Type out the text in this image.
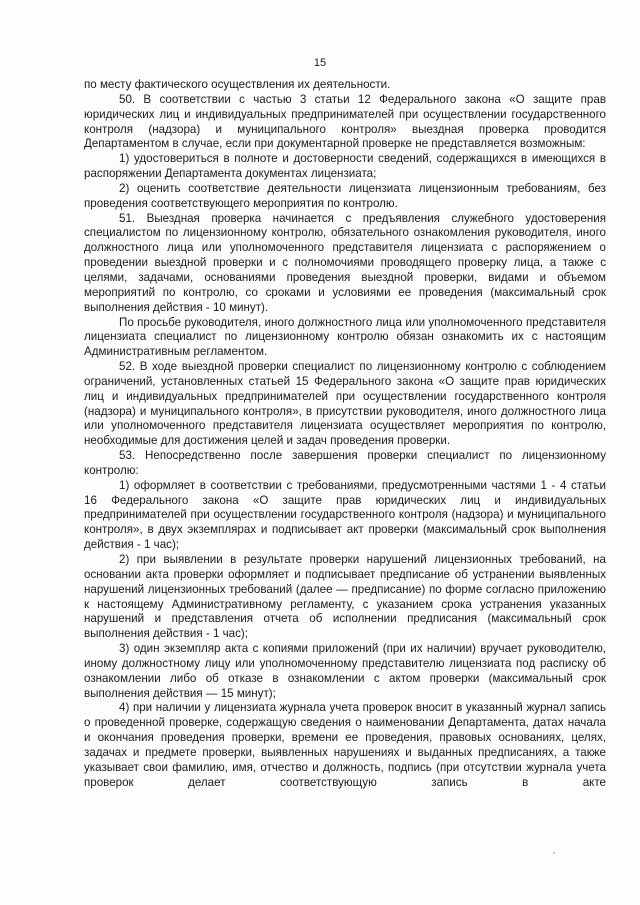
15

по месту фактического осуществления их деятельности.

50. В соответствии с частью 3 статьи 12 Федерального закона «О защите прав юридических лиц и индивидуальных предпринимателей при осуществлении государственного контроля (надзора) и муниципального контроля» выездная проверка проводится Департаментом в случае, если при документарной проверке не представляется возможным:

1) удостовериться в полноте и достоверности сведений, содержащихся в имеющихся в распоряжении Департамента документах лицензиата;

2) оценить соответствие деятельности лицензиата лицензионным требованиям, без проведения соответствующего мероприятия по контролю.

51. Выездная проверка начинается с предъявления служебного удостоверения специалистом по лицензионному контролю, обязательного ознакомления руководителя, иного должностного лица или уполномоченного представителя лицензиата с распоряжением о проведении выездной проверки и с полномочиями проводящего проверку лица, а также с целями, задачами, основаниями проведения выездной проверки, видами и объемом мероприятий по контролю, со сроками и условиями ее проведения (максимальный срок выполнения действия - 10 минут).

По просьбе руководителя, иного должностного лица или уполномоченного представителя лицензиата специалист по лицензионному контролю обязан ознакомить их с настоящим Административным регламентом.

52. В ходе выездной проверки специалист по лицензионному контролю с соблюдением ограничений, установленных статьей 15 Федерального закона «О защите прав юридических лиц и индивидуальных предпринимателей при осуществлении государственного контроля (надзора) и муниципального контроля», в присутствии руководителя, иного должностного лица или уполномоченного представителя лицензиата осуществляет мероприятия по контролю, необходимые для достижения целей и задач проведения проверки.

53. Непосредственно после завершения проверки специалист по лицензионному контролю:

1) оформляет в соответствии с требованиями, предусмотренными частями 1 - 4 статьи 16 Федерального закона «О защите прав юридических лиц и индивидуальных предпринимателей при осуществлении государственного контроля (надзора) и муниципального контроля», в двух экземплярах и подписывает акт проверки (максимальный срок выполнения действия - 1 час);

2) при выявлении в результате проверки нарушений лицензионных требований, на основании акта проверки оформляет и подписывает предписание об устранении выявленных нарушений лицензионных требований (далее — предписание) по форме согласно приложению к настоящему Административному регламенту, с указанием срока устранения указанных нарушений и представления отчета об исполнении предписания (максимальный срок выполнения действия - 1 час);

3) один экземпляр акта с копиями приложений (при их наличии) вручает руководителю, иному должностному лицу или уполномоченному представителю лицензиата под расписку об ознакомлении либо об отказе в ознакомлении с актом проверки (максимальный срок выполнения действия — 15 минут);

4) при наличии у лицензиата журнала учета проверок вносит в указанный журнал запись о проведенной проверке, содержащую сведения о наименовании Департамента, датах начала и окончания проведения проверки, времени ее проведения, правовых основаниях, целях, задачах и предмете проверки, выявленных нарушениях и выданных предписаниях, а также указывает свои фамилию, имя, отчество и должность, подпись (при отсутствии журнала учета проверок делает соответствующую запись в акте
